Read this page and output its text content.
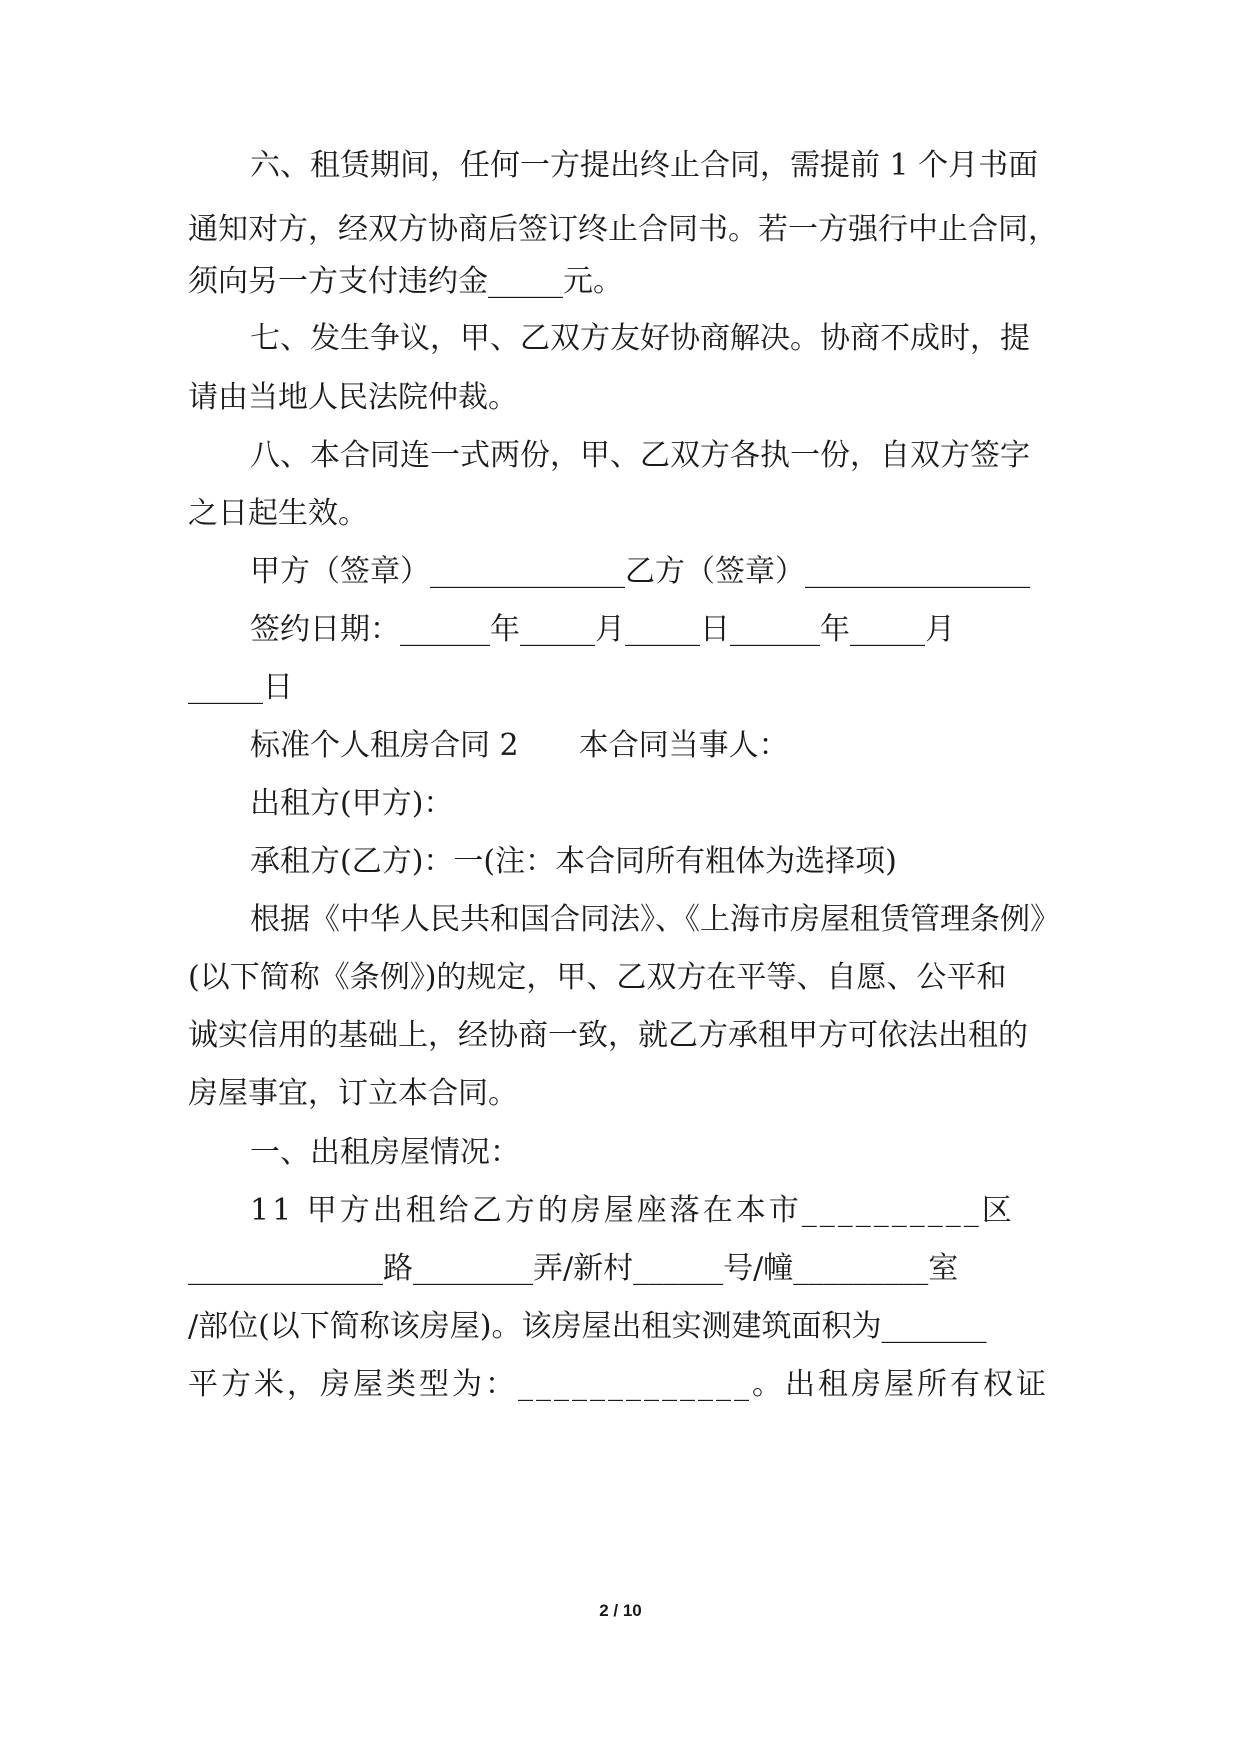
六、租赁期间，任何一方提出终止合同，需提前 1 个月书面
通知对方，经双方协商后签订终止合同书。若一方强行中止合同，
须向另一方支付违约金_____元。
七、发生争议，甲、乙双方友好协商解决。协商不成时，提
请由当地人民法院仲裁。
八、本合同连一式两份，甲、乙双方各执一份，自双方签字
之日起生效。
甲方（签章）_____________乙方（签章）_______________
签约日期：______年_____月_____日______年_____月
_____日
标准个人租房合同 2　　本合同当事人：
出租方(甲方)：
承租方(乙方)：一(注：本合同所有粗体为选择项)
根据《中华人民共和国合同法》、《上海市房屋租赁管理条例》
(以下简称《条例》)的规定，甲、乙双方在平等、自愿、公平和
诚实信用的基础上，经协商一致，就乙方承租甲方可依法出租的
房屋事宜，订立本合同。
一、出租房屋情况：
11 甲方出租给乙方的房屋座落在本市__________区
_____________路________弄/新村______号/幢_________室
/部位(以下简称该房屋)。该房屋出租实测建筑面积为_______
平方米，房屋类型为：_____________。出租房屋所有权证
2 / 10
